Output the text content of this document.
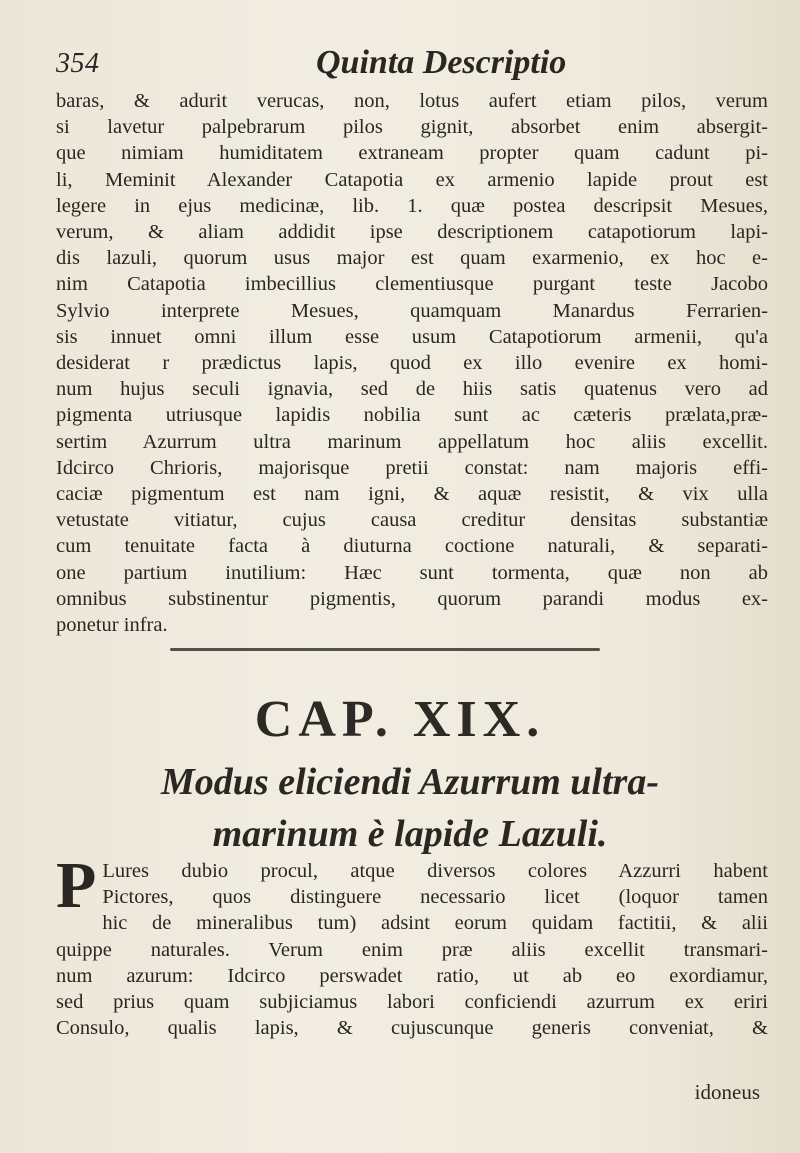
354	Quinta Descriptio
baras, & adurit verucas, non, lotus aufert etiam pilos, verum
si lavetur palpebrarum pilos gignit, absorbet enim absergit-
que nimiam humiditatem extraneam propter quam cadunt pi-
li, Meminit Alexander Catapotia ex armenio lapide prout est
legere in ejus medicinæ, lib. 1. quæ postea descripsit Mesues,
verum, & aliam addidit ipse descriptionem catapotiorum lapi-
dis lazuli, quorum usus major est quam exarmenio, ex hoc e-
nim Catapotia imbecillius clementiusque purgant teste Jacobo
Sylvio interprete Mesues, quamquam Manardus Ferrarien-
sis innuet omni illum esse usum Catapotiorum armenii, qu'a
desiderat r prædictus lapis, quod ex illo evenire ex homi-
num hujus seculi ignavia, sed de hiis satis quatenus vero ad
pigmenta utriusque lapidis nobilia sunt ac cæteris prælata,præ-
sertim Azurrum ultra marinum appellatum hoc aliis excellit.
Idcirco Chrioris, majorisque pretii constat: nam majoris effi-
caciæ pigmentum est nam igni, & aquæ resistit, & vix ulla
vetustate vitiatur, cujus causa creditur densitas substantiæ
cum tenuitate facta à diuturna coctione naturali, & separati-
one partium inutilium: Hæc sunt tormenta, quæ non ab
omnibus substinentur pigmentis, quorum parandi modus ex-
ponetur infra.
CAP. XIX.
Modus eliciendi Azurrum ultra-
marinum è lapide Lazuli.
P Lures dubio procul, atque diversos colores Azzurri habent
Pictores, quos distinguere necessario licet (loquor tamen
hic de mineralibus tum) adsint eorum quidam factitii, & alii
quippe naturales. Verum enim præ aliis excellit transmari-
num azurum: Idcirco perswadet ratio, ut ab eo exordiamur,
sed prius quam subjiciamus labori conficiendi azurrum ex eriri
Consulo, qualis lapis, & cujuscunque generis conveniat, &
idoneus
